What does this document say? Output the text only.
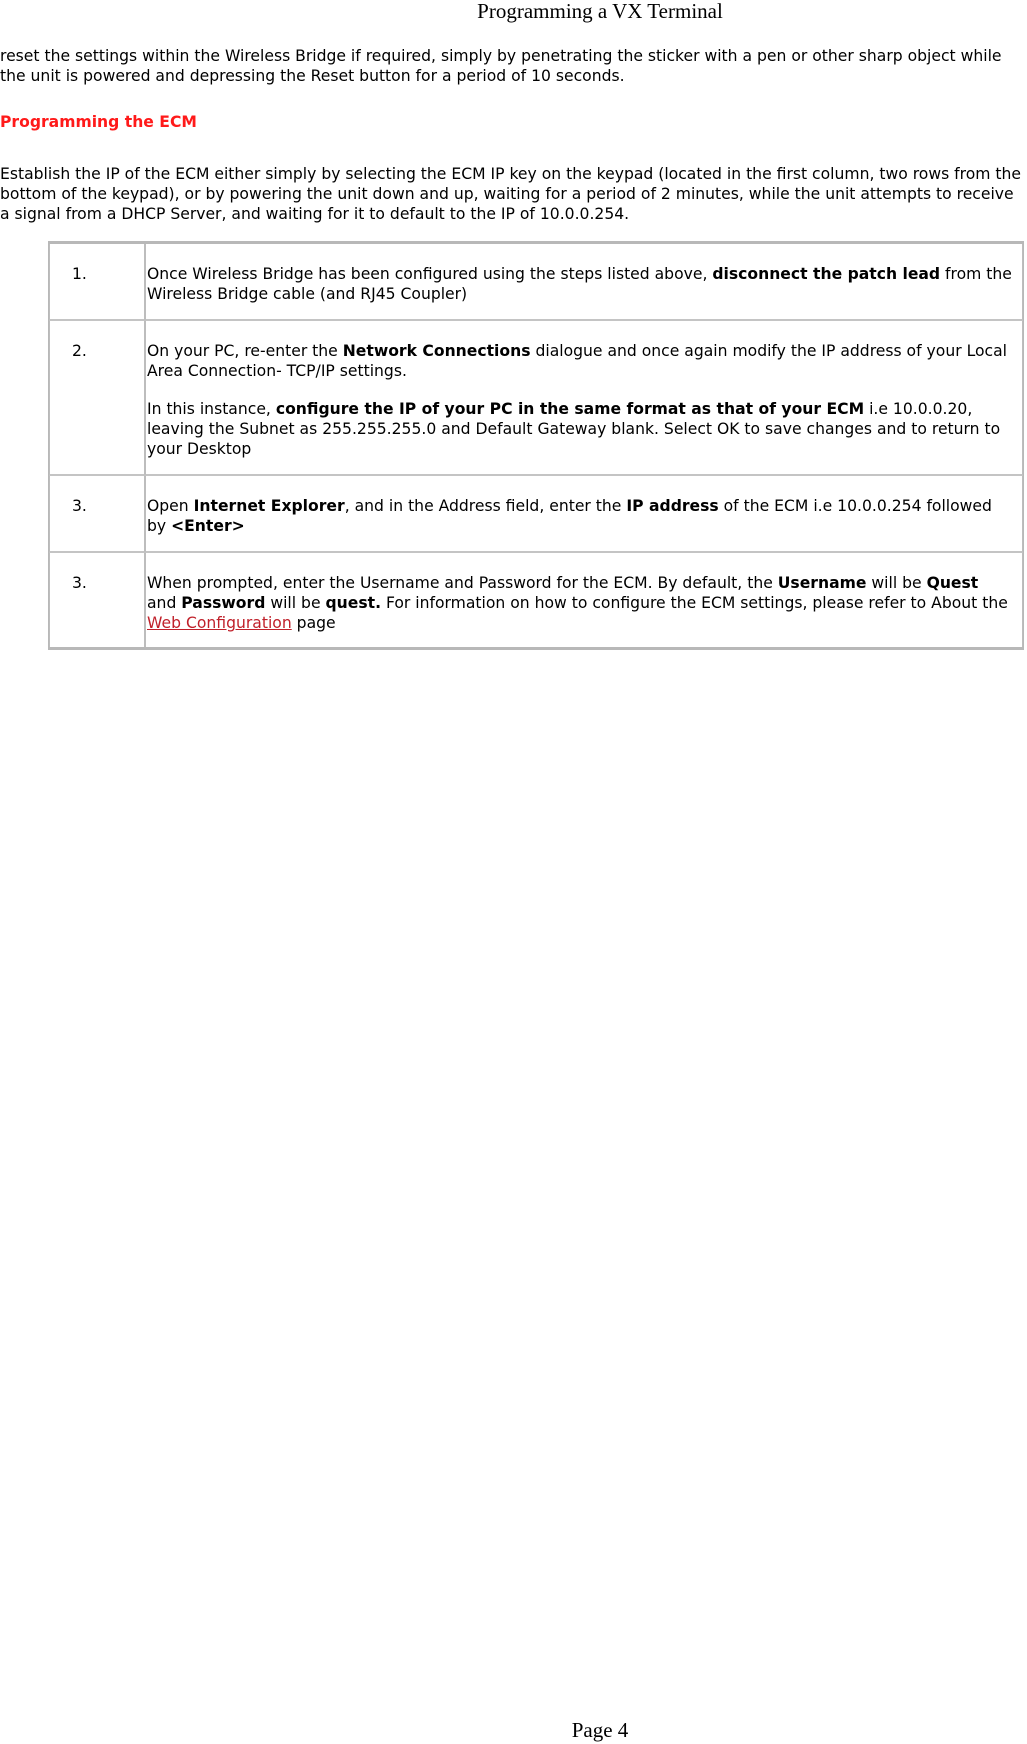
Programming a VX Terminal

reset the settings within the Wireless Bridge if required, simply by penetrating the sticker with a pen or other sharp object while the unit is powered and depressing the Reset button for a period of 10 seconds.

Programming the ECM

Establish the IP of the ECM either simply by selecting the ECM IP key on the keypad (located in the first column, two rows from the bottom of the keypad), or by powering the unit down and up, waiting for a period of 2 minutes, while the unit attempts to receive a signal from a DHCP Server, and waiting for it to default to the IP of 10.0.0.254.

1.	Once Wireless Bridge has been configured using the steps listed above, disconnect the patch lead from the Wireless Bridge cable (and RJ45 Coupler)

2.	On your PC, re-enter the Network Connections dialogue and once again modify the IP address of your Local Area Connection- TCP/IP settings.

In this instance, configure the IP of your PC in the same format as that of your ECM i.e 10.0.0.20, leaving the Subnet as 255.255.255.0 and Default Gateway blank. Select OK to save changes and to return to your Desktop

3.	Open Internet Explorer, and in the Address field, enter the IP address of the ECM i.e 10.0.0.254 followed by <Enter>

3.	When prompted, enter the Username and Password for the ECM. By default, the Username will be Quest and Password will be quest. For information on how to configure the ECM settings, please refer to About the Web Configuration page

Page 4
